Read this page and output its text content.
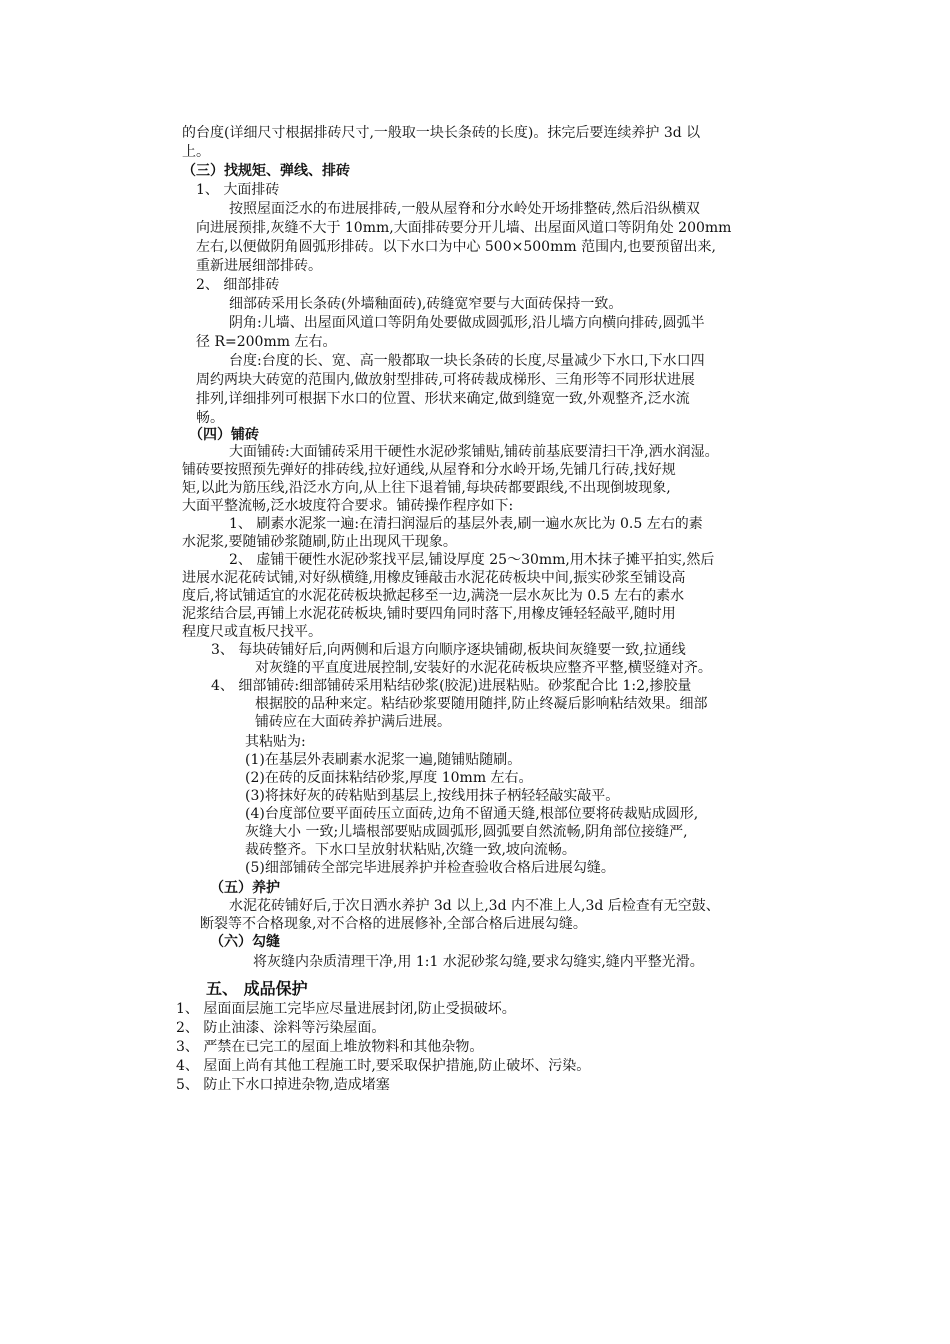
的台度(详细尺寸根据排砖尺寸,一般取一块长条砖的长度)。抹完后要连续养护 3d 以
上。
（三）找规矩、弹线、排砖
1、 大面排砖
按照屋面泛水的布进展排砖,一般从屋脊和分水岭处开场排整砖,然后沿纵横双
向进展预排,灰缝不大于 10mm,大面排砖要分开儿墙、出屋面风道口等阴角处 200mm
左右,以便做阴角圆弧形排砖。以下水口为中心 500×500mm 范围内,也要预留出来,
重新进展细部排砖。
2、 细部排砖
细部砖采用长条砖(外墙釉面砖),砖缝宽窄要与大面砖保持一致。
阴角:儿墙、出屋面风道口等阴角处要做成圆弧形,沿儿墙方向横向排砖,圆弧半
径 R=200mm 左右。
台度:台度的长、宽、高一般都取一块长条砖的长度,尽量减少下水口,下水口四
周约两块大砖宽的范围内,做放射型排砖,可将砖裁成梯形、三角形等不同形状进展
排列,详细排列可根据下水口的位置、形状来确定,做到缝宽一致,外观整齐,泛水流
畅。
（四）铺砖
大面铺砖:大面铺砖采用干硬性水泥砂浆铺贴,铺砖前基底要清扫干净,洒水润湿。
铺砖要按照预先弹好的排砖线,拉好通线,从屋脊和分水岭开场,先铺几行砖,找好规
矩,以此为筋压线,沿泛水方向,从上往下退着铺,每块砖都要跟线,不出现倒坡现象,
大面平整流畅,泛水坡度符合要求。铺砖操作程序如下:
1、 刷素水泥浆一遍:在清扫润湿后的基层外表,刷一遍水灰比为 0.5 左右的素
水泥浆,要随铺砂浆随刷,防止出现风干现象。
2、 虚铺干硬性水泥砂浆找平层,铺设厚度 25～30mm,用木抹子摊平拍实,然后
进展水泥花砖试铺,对好纵横缝,用橡皮锤敲击水泥花砖板块中间,振实砂浆至铺设高
度后,将试铺适宜的水泥花砖板块掀起移至一边,满浇一层水灰比为 0.5 左右的素水
泥浆结合层,再铺上水泥花砖板块,铺时要四角同时落下,用橡皮锤轻轻敲平,随时用
程度尺或直板尺找平。
3、 每块砖铺好后,向两侧和后退方向顺序逐块铺砌,板块间灰缝要一致,拉通线
对灰缝的平直度进展控制,安装好的水泥花砖板块应整齐平整,横竖缝对齐。
4、 细部铺砖:细部铺砖采用粘结砂浆(胶泥)进展粘贴。砂浆配合比 1:2,掺胶量
根据胶的品种来定。粘结砂浆要随用随拌,防止终凝后影响粘结效果。细部
铺砖应在大面砖养护满后进展。
其粘贴为:
(1)在基层外表刷素水泥浆一遍,随铺贴随刷。
(2)在砖的反面抹粘结砂浆,厚度 10mm 左右。
(3)将抹好灰的砖粘贴到基层上,按线用抹子柄轻轻敲实敲平。
(4)台度部位要平面砖压立面砖,边角不留通天缝,根部位要将砖裁贴成圆形,
灰缝大小 一致;儿墙根部要贴成圆弧形,圆弧要自然流畅,阴角部位接缝严,
裁砖整齐。下水口呈放射状粘贴,次缝一致,坡向流畅。
(5)细部铺砖全部完毕进展养护并检查验收合格后进展勾缝。
（五）养护
水泥花砖铺好后,于次日洒水养护 3d 以上,3d 内不准上人,3d 后检查有无空鼓、
断裂等不合格现象,对不合格的进展修补,全部合格后进展勾缝。
（六）勾缝
将灰缝内杂质清理干净,用 1:1 水泥砂浆勾缝,要求勾缝实,缝内平整光滑。
五、 成品保护
1、 屋面面层施工完毕应尽量进展封闭,防止受损破坏。
2、 防止油漆、涂料等污染屋面。
3、 严禁在已完工的屋面上堆放物料和其他杂物。
4、 屋面上尚有其他工程施工时,要采取保护措施,防止破坏、污染。
5、 防止下水口掉进杂物,造成堵塞
